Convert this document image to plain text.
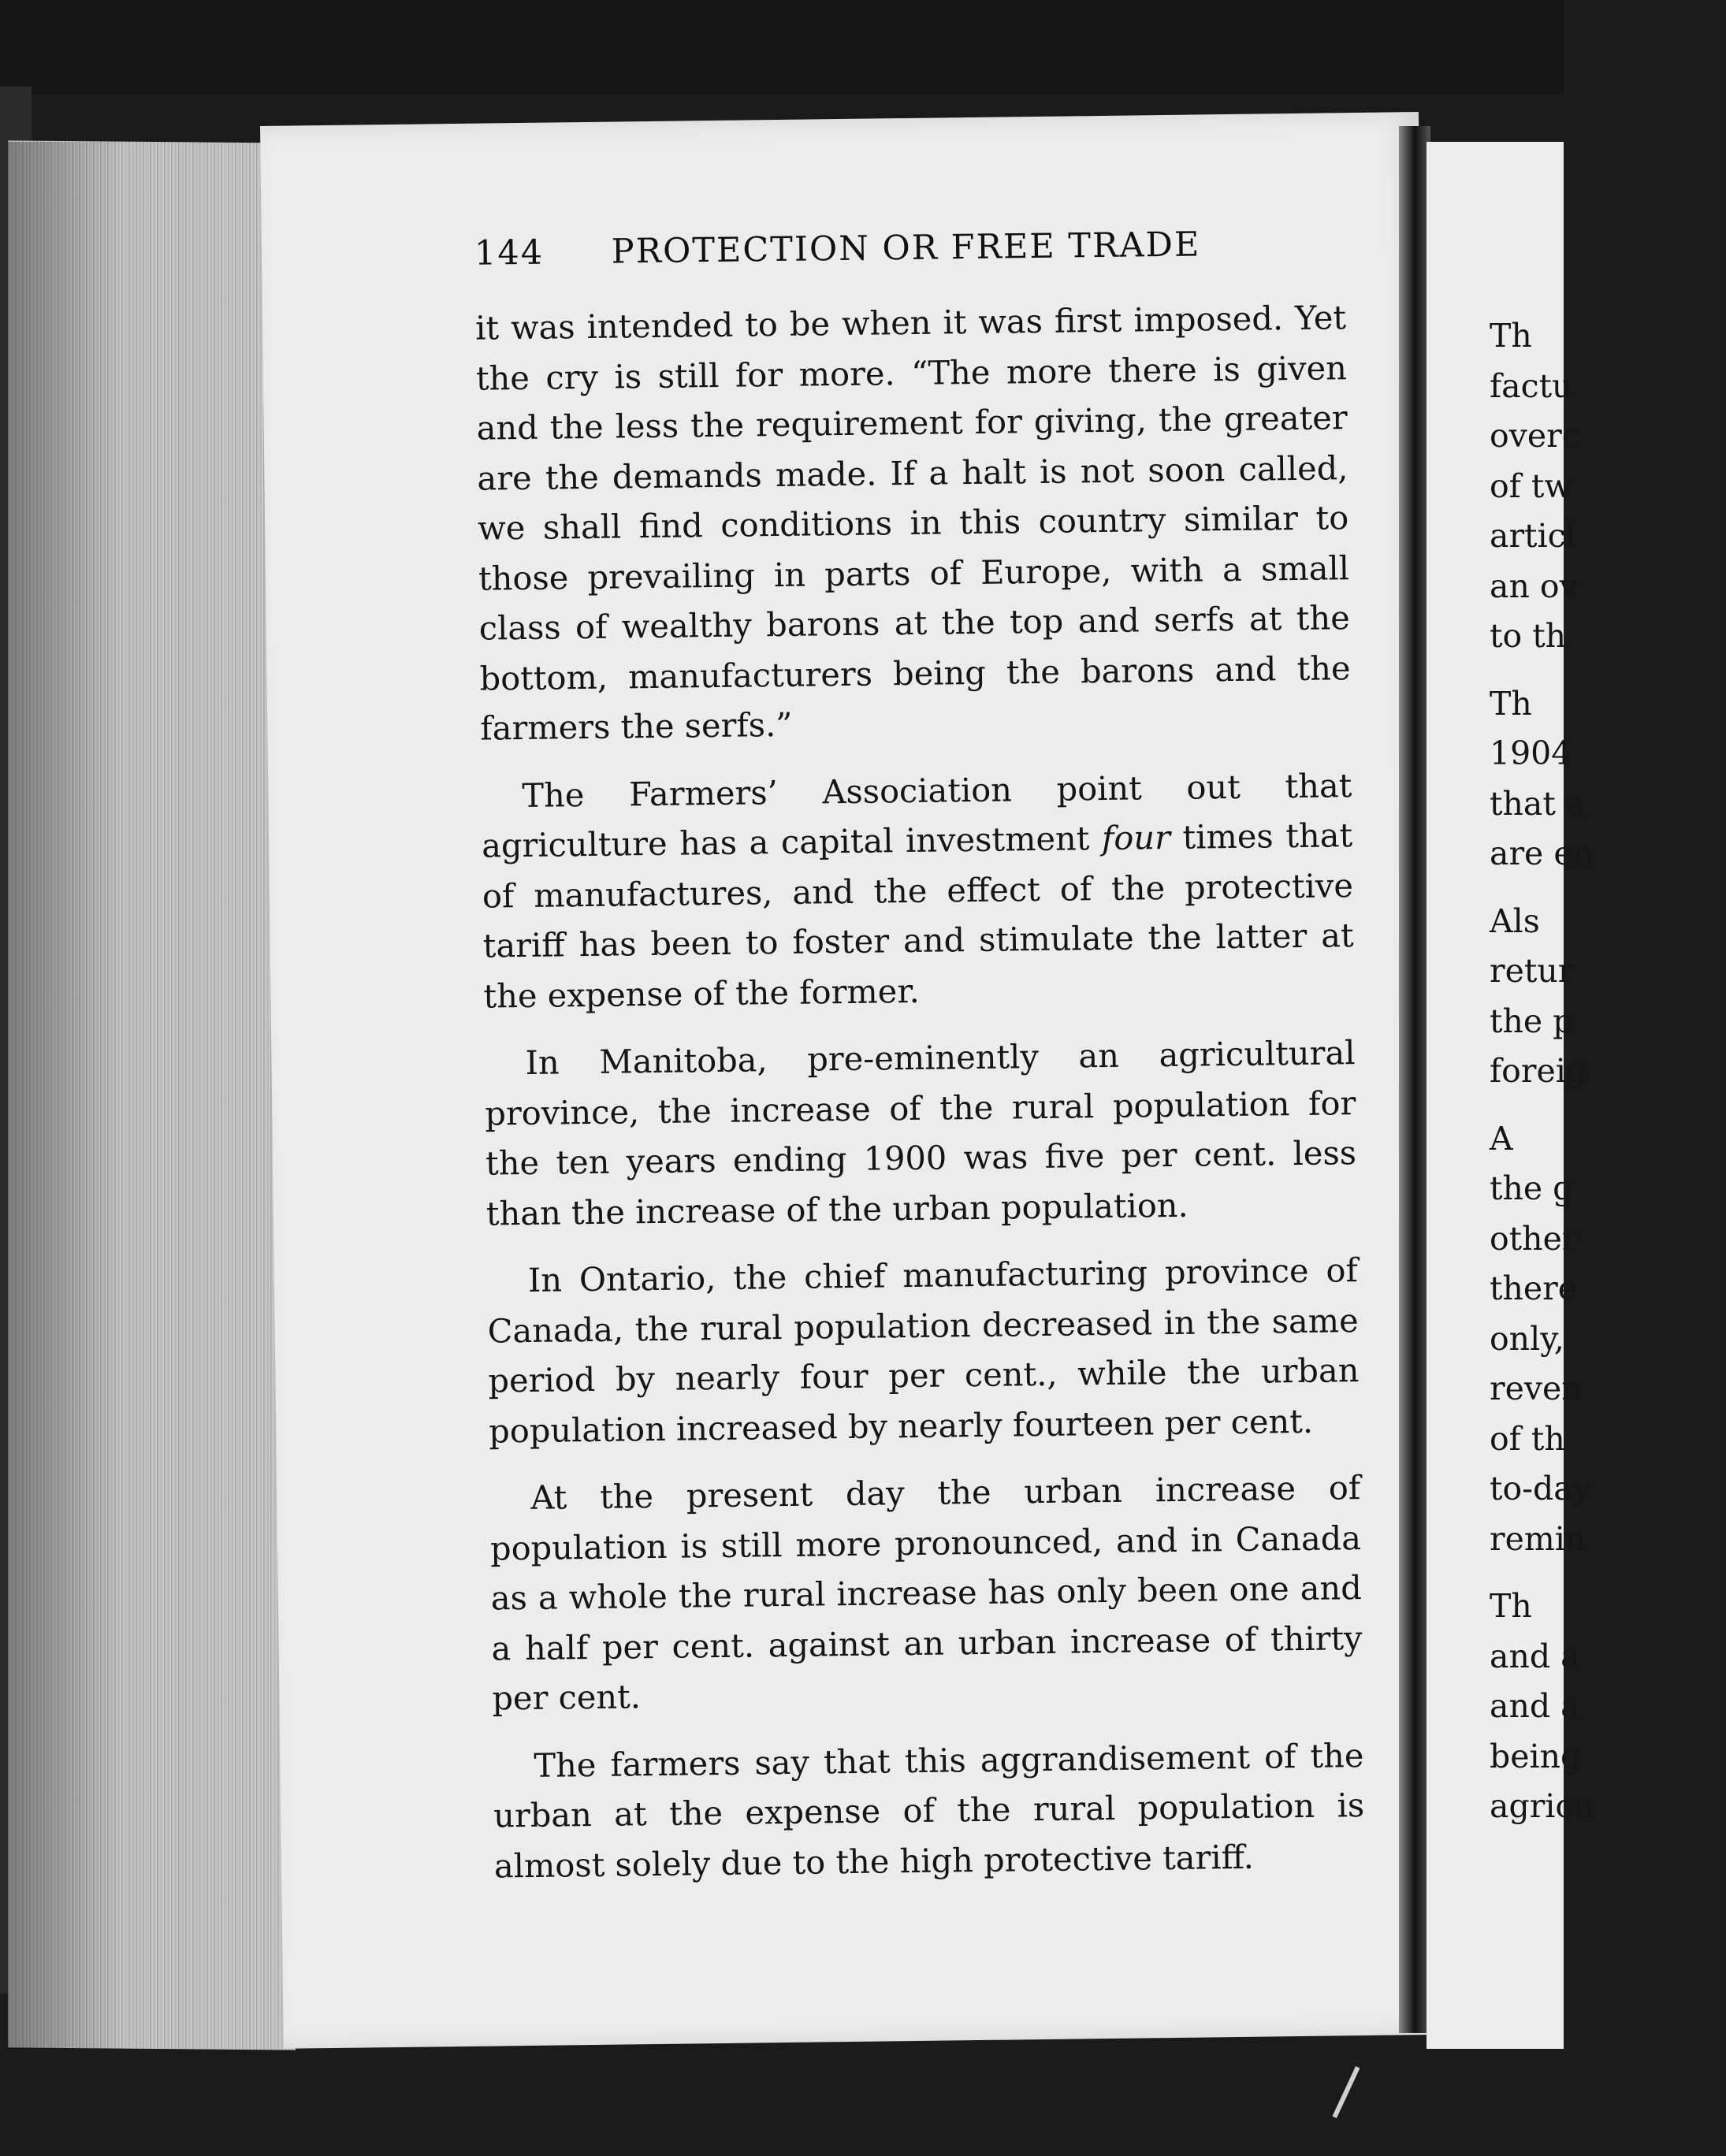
144 PROTECTION OR FREE TRADE

it was intended to be when it was first imposed. Yet the cry is still for more. “The more there is given and the less the requirement for giving, the greater are the demands made. If a halt is not soon called, we shall find conditions in this country similar to those prevailing in parts of Europe, with a small class of wealthy barons at the top and serfs at the bottom, manufacturers being the barons and the farmers the serfs.”

The Farmers’ Association point out that agriculture has a capital investment four times that of manufactures, and the effect of the protective tariff has been to foster and stimulate the latter at the expense of the former.

In Manitoba, pre-eminently an agricultural province, the increase of the rural population for the ten years ending 1900 was five per cent. less than the increase of the urban population.

In Ontario, the chief manufacturing province of Canada, the rural population decreased in the same period by nearly four per cent., while the urban population increased by nearly fourteen per cent.

At the present day the urban increase of population is still more pronounced, and in Canada as a whole the rural increase has only been one and a half per cent. against an urban increase of thirty per cent.

The farmers say that this aggrandisement of the urban at the expense of the rural population is almost solely due to the high protective tariff.

Th
factu
overc
of tw
articl
an ov
to th
Th
1904
that a
are en
Als
retur
the p
foreig
A
the g
other
there
only,
reven
of th
to-day
remin
Th
and a
and a
being
agricu
